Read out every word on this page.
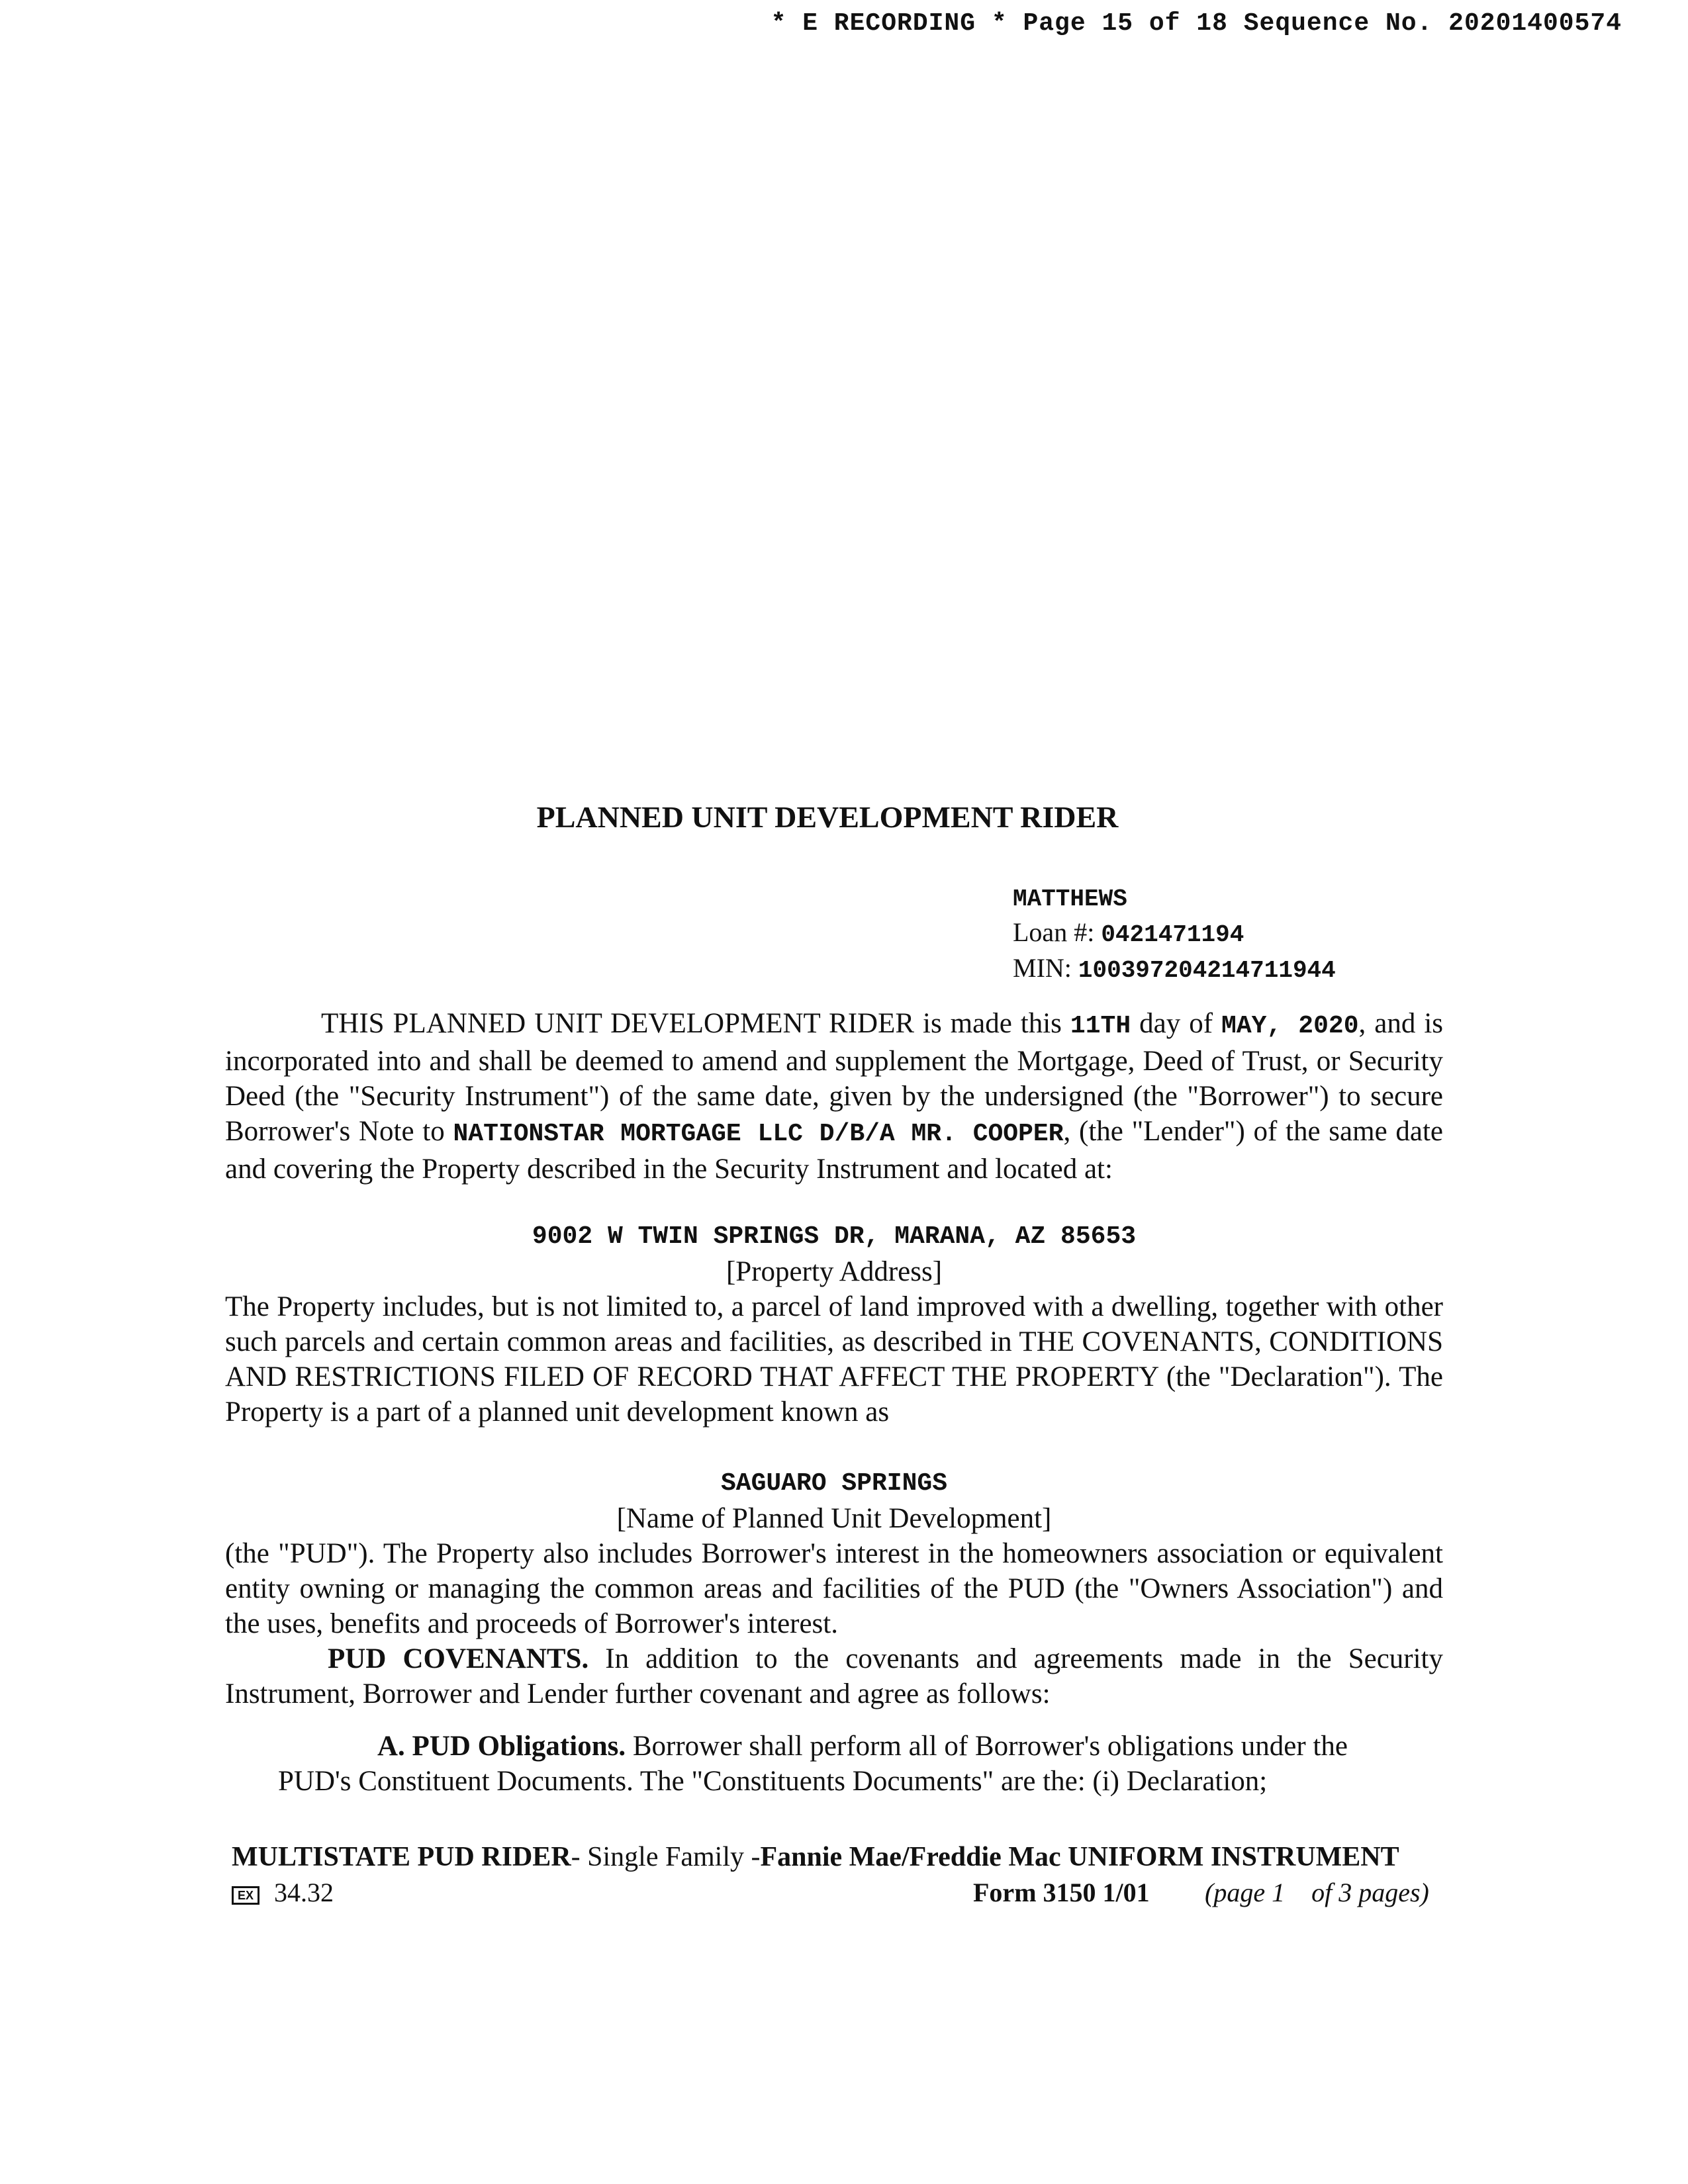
* E RECORDING * Page 15 of 18 Sequence No. 20201400574
PLANNED UNIT DEVELOPMENT RIDER
MATTHEWS
Loan #: 0421471194
MIN: 100397204214711944
THIS PLANNED UNIT DEVELOPMENT RIDER is made this 11TH day of MAY, 2020, and is incorporated into and shall be deemed to amend and supplement the Mortgage, Deed of Trust, or Security Deed (the "Security Instrument") of the same date, given by the undersigned (the "Borrower") to secure Borrower's Note to NATIONSTAR MORTGAGE LLC D/B/A MR. COOPER, (the "Lender") of the same date and covering the Property described in the Security Instrument and located at:
9002 W TWIN SPRINGS DR, MARANA, AZ 85653
[Property Address]
The Property includes, but is not limited to, a parcel of land improved with a dwelling, together with other such parcels and certain common areas and facilities, as described in THE COVENANTS, CONDITIONS AND RESTRICTIONS FILED OF RECORD THAT AFFECT THE PROPERTY (the "Declaration"). The Property is a part of a planned unit development known as
SAGUARO SPRINGS
[Name of Planned Unit Development]
(the "PUD"). The Property also includes Borrower's interest in the homeowners association or equivalent entity owning or managing the common areas and facilities of the PUD (the "Owners Association") and the uses, benefits and proceeds of Borrower's interest.
PUD COVENANTS. In addition to the covenants and agreements made in the Security Instrument, Borrower and Lender further covenant and agree as follows:
A. PUD Obligations. Borrower shall perform all of Borrower's obligations under the PUD's Constituent Documents. The "Constituents Documents" are the: (i) Declaration;
MULTISTATE PUD RIDER- Single Family -Fannie Mae/Freddie Mac UNIFORM INSTRUMENT
EX 34.32	Form 3150 1/01 (page 1    of 3 pages)
